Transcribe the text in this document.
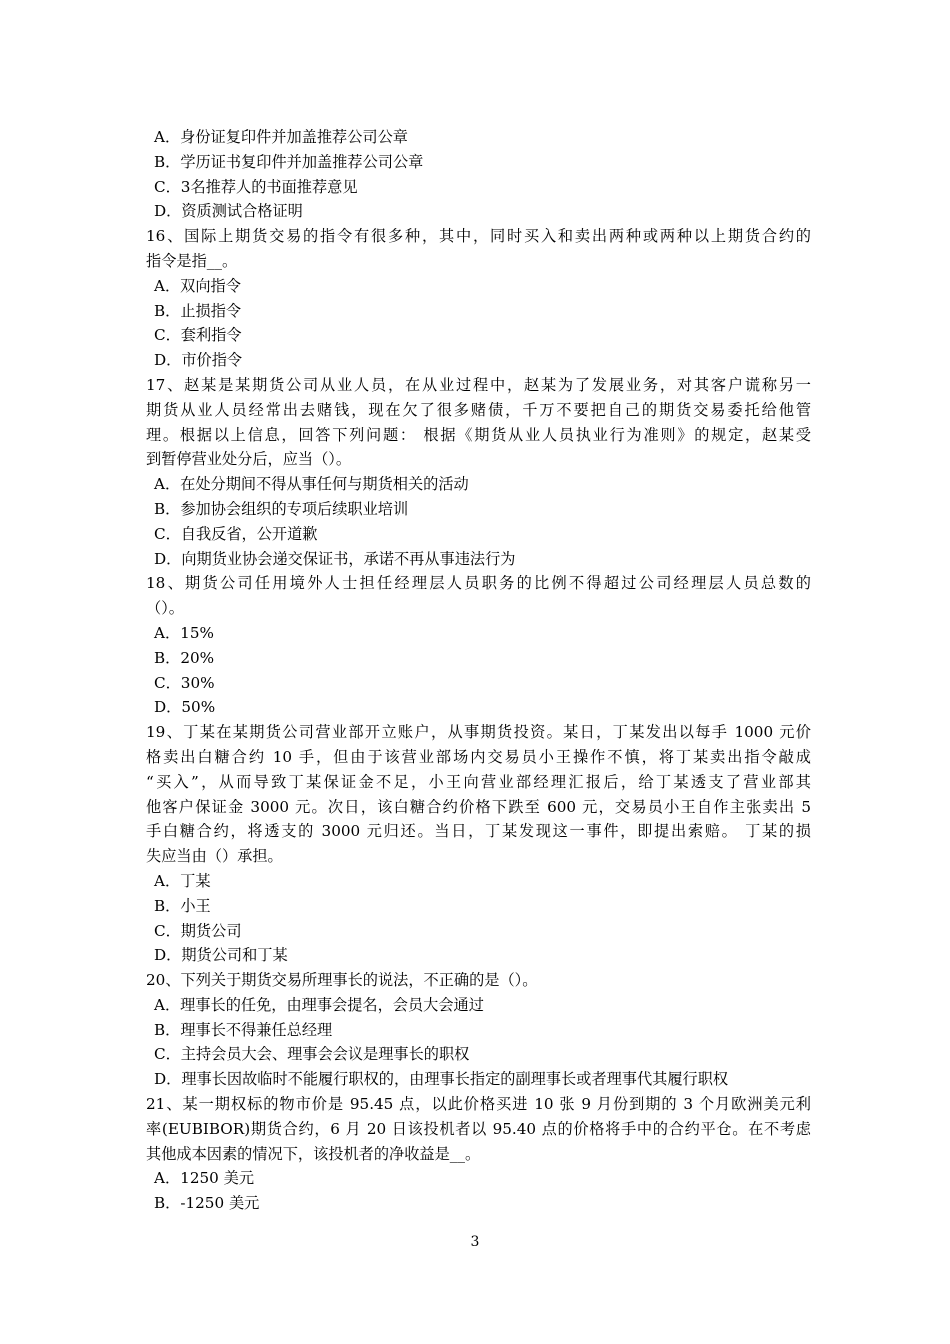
A．身份证复印件并加盖推荐公司公章
B．学历证书复印件并加盖推荐公司公章
C．3名推荐人的书面推荐意见
D．资质测试合格证明
16、国际上期货交易的指令有很多种，其中，同时买入和卖出两种或两种以上期货合约的
指令是指__。
A．双向指令
B．止损指令
C．套利指令
D．市价指令
17、赵某是某期货公司从业人员，在从业过程中，赵某为了发展业务，对其客户谎称另一
期货从业人员经常出去赌钱，现在欠了很多赌债，千万不要把自己的期货交易委托给他管
理。根据以上信息，回答下列问题： 根据《期货从业人员执业行为准则》的规定，赵某受
到暂停营业处分后，应当（）。
A．在处分期间不得从事任何与期货相关的活动
B．参加协会组织的专项后续职业培训
C．自我反省，公开道歉
D．向期货业协会递交保证书，承诺不再从事违法行为
18、期货公司任用境外人士担任经理层人员职务的比例不得超过公司经理层人员总数的
（）。
A．15%
B．20%
C．30%
D．50%
19、丁某在某期货公司营业部开立账户，从事期货投资。某日，丁某发出以每手 1000 元价
格卖出白糖合约 10 手，但由于该营业部场内交易员小王操作不慎，将丁某卖出指令敲成
“买入”，从而导致丁某保证金不足，小王向营业部经理汇报后，给丁某透支了营业部其
他客户保证金 3000 元。次日，该白糖合约价格下跌至 600 元，交易员小王自作主张卖出 5
手白糖合约，将透支的 3000 元归还。当日，丁某发现这一事件，即提出索赔。 丁某的损
失应当由（）承担。
A．丁某
B．小王
C．期货公司
D．期货公司和丁某
20、下列关于期货交易所理事长的说法，不正确的是（）。
A．理事长的任免，由理事会提名，会员大会通过
B．理事长不得兼任总经理
C．主持会员大会、理事会会议是理事长的职权
D．理事长因故临时不能履行职权的，由理事长指定的副理事长或者理事代其履行职权
21、某一期权标的物市价是 95.45 点，以此价格买进 10 张 9 月份到期的 3 个月欧洲美元利
率(EUBIBOR)期货合约，6 月 20 日该投机者以 95.40 点的价格将手中的合约平仓。在不考虑
其他成本因素的情况下，该投机者的净收益是__。
A．1250 美元
B．-1250 美元
3
